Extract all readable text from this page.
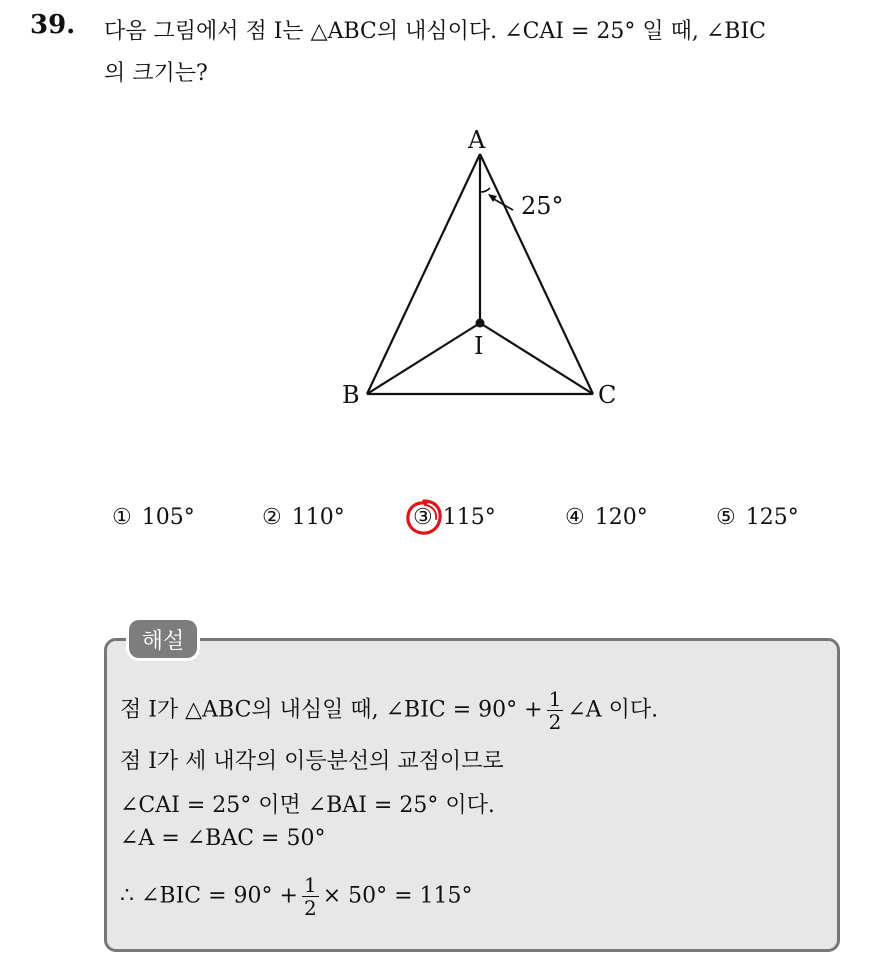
39. 다음 그림에서 점 I는 △ABC의 내심이다. ∠CAI = 25° 일 때, ∠BIC
의 크기는?
A
B	C
I
25°
① 105°	② 110°	③ 115°	④ 120°	⑤ 125°
해설
점 I가 △ABC의 내심일 때, ∠BIC = $90^\circ + \frac{1}{2}$ ∠A 이다.
점 I가 세 내각의 이등분선의 교점이므로
∠CAI = 25° 이면 ∠BAI = 25° 이다.
∠A = ∠BAC = 50°
∴ ∠BIC = $90^\circ + \frac{1}{2} \times 50^\circ = 115^\circ$
